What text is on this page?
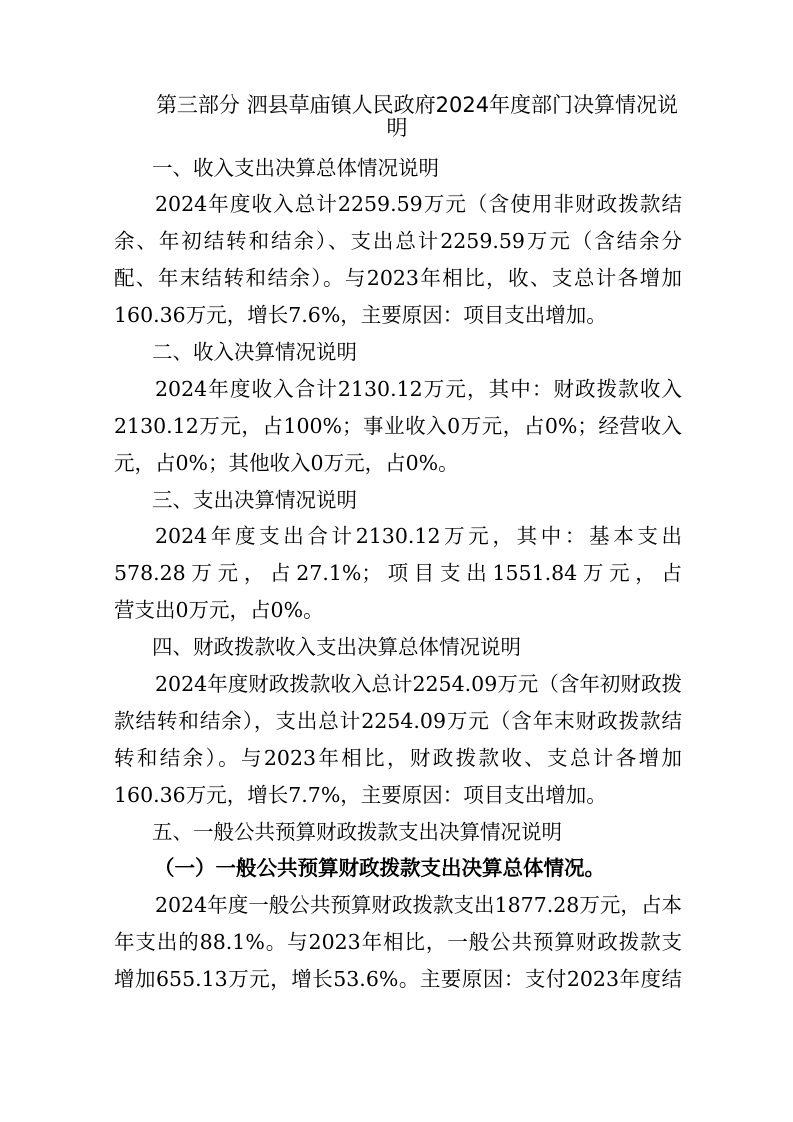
第三部分 泗县草庙镇人民政府2024年度部门决算情况说
明
一、收入支出决算总体情况说明
2024年度收入总计2259.59万元（含使用非财政拨款结
余、年初结转和结余）、支出总计2259.59万元（含结余分
配、年末结转和结余）。与2023年相比，收、支总计各增加
160.36万元，增长7.6%，主要原因：项目支出增加。
二、收入决算情况说明
2024年度收入合计2130.12万元，其中：财政拨款收入
2130.12万元，占100%；事业收入0万元，占0%；经营收入
元，占0%；其他收入0万元，占0%。
三、支出决算情况说明
2024年度支出合计2130.12万元，其中：基本支出
578.28万元，占27.1%；项目支出1551.84万元，占
营支出0万元，占0%。
四、财政拨款收入支出决算总体情况说明
2024年度财政拨款收入总计2254.09万元（含年初财政拨
款结转和结余），支出总计2254.09万元（含年末财政拨款结
转和结余）。与2023年相比，财政拨款收、支总计各增加
160.36万元，增长7.7%，主要原因：项目支出增加。
五、一般公共预算财政拨款支出决算情况说明
（一）一般公共预算财政拨款支出决算总体情况。
2024年度一般公共预算财政拨款支出1877.28万元，占本
年支出的88.1%。与2023年相比，一般公共预算财政拨款支
增加655.13万元，增长53.6%。主要原因：支付2023年度结
